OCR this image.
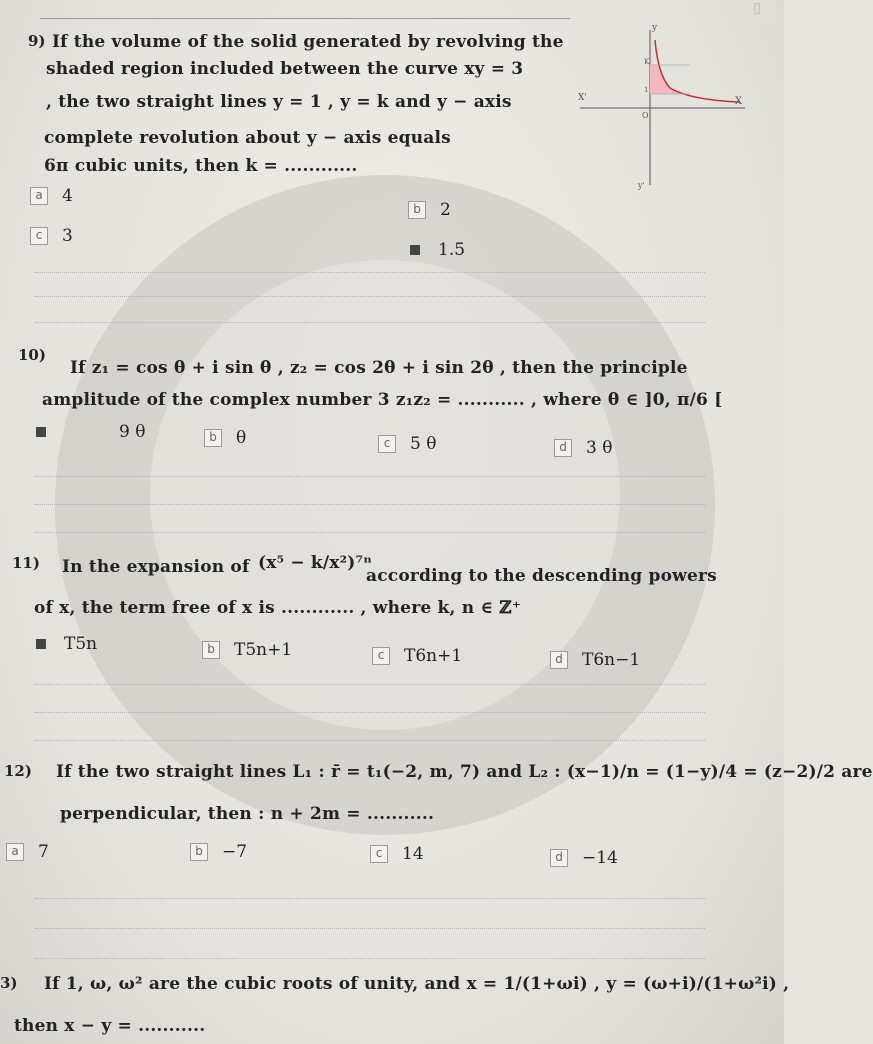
▯
9) If the volume of the solid generated by revolving the
shaded region included between the curve xy = 3
, the two straight lines y = 1 , y = k and y − axis
complete revolution about y − axis equals
6π cubic units, then k = ............
y
X
X'
y'
K
1
O
a	4
b	2
c	3
1.5
10)
If z₁ = cos θ + i sin θ , z₂ = cos 2θ + i sin 2θ , then the principle
amplitude of the complex number 3 z₁z₂ = ........... , where θ ∈ ]0, π/6 [
9 θ	b	θ	c	5 θ	d	3 θ
11) In the expansion of (x⁵ − k/x²)⁷ⁿ
according to the descending powers
of x, the term free of x is ............ , where k, n ∈ ℤ⁺
T5n	b	T5n+1	c	T6n+1	d	T6n−1
12) If the two straight lines L₁ : r̄ = t₁(−2, m, 7) and L₂ : (x−1)/n = (1−y)/4 = (z−2)/2 are
perpendicular, then : n + 2m = ...........
a	7	b	−7	c	14	d	−14
3) If 1, ω, ω² are the cubic roots of unity, and x = 1/(1+ωi) , y = (ω+i)/(1+ω²i) ,
then x − y = ...........
